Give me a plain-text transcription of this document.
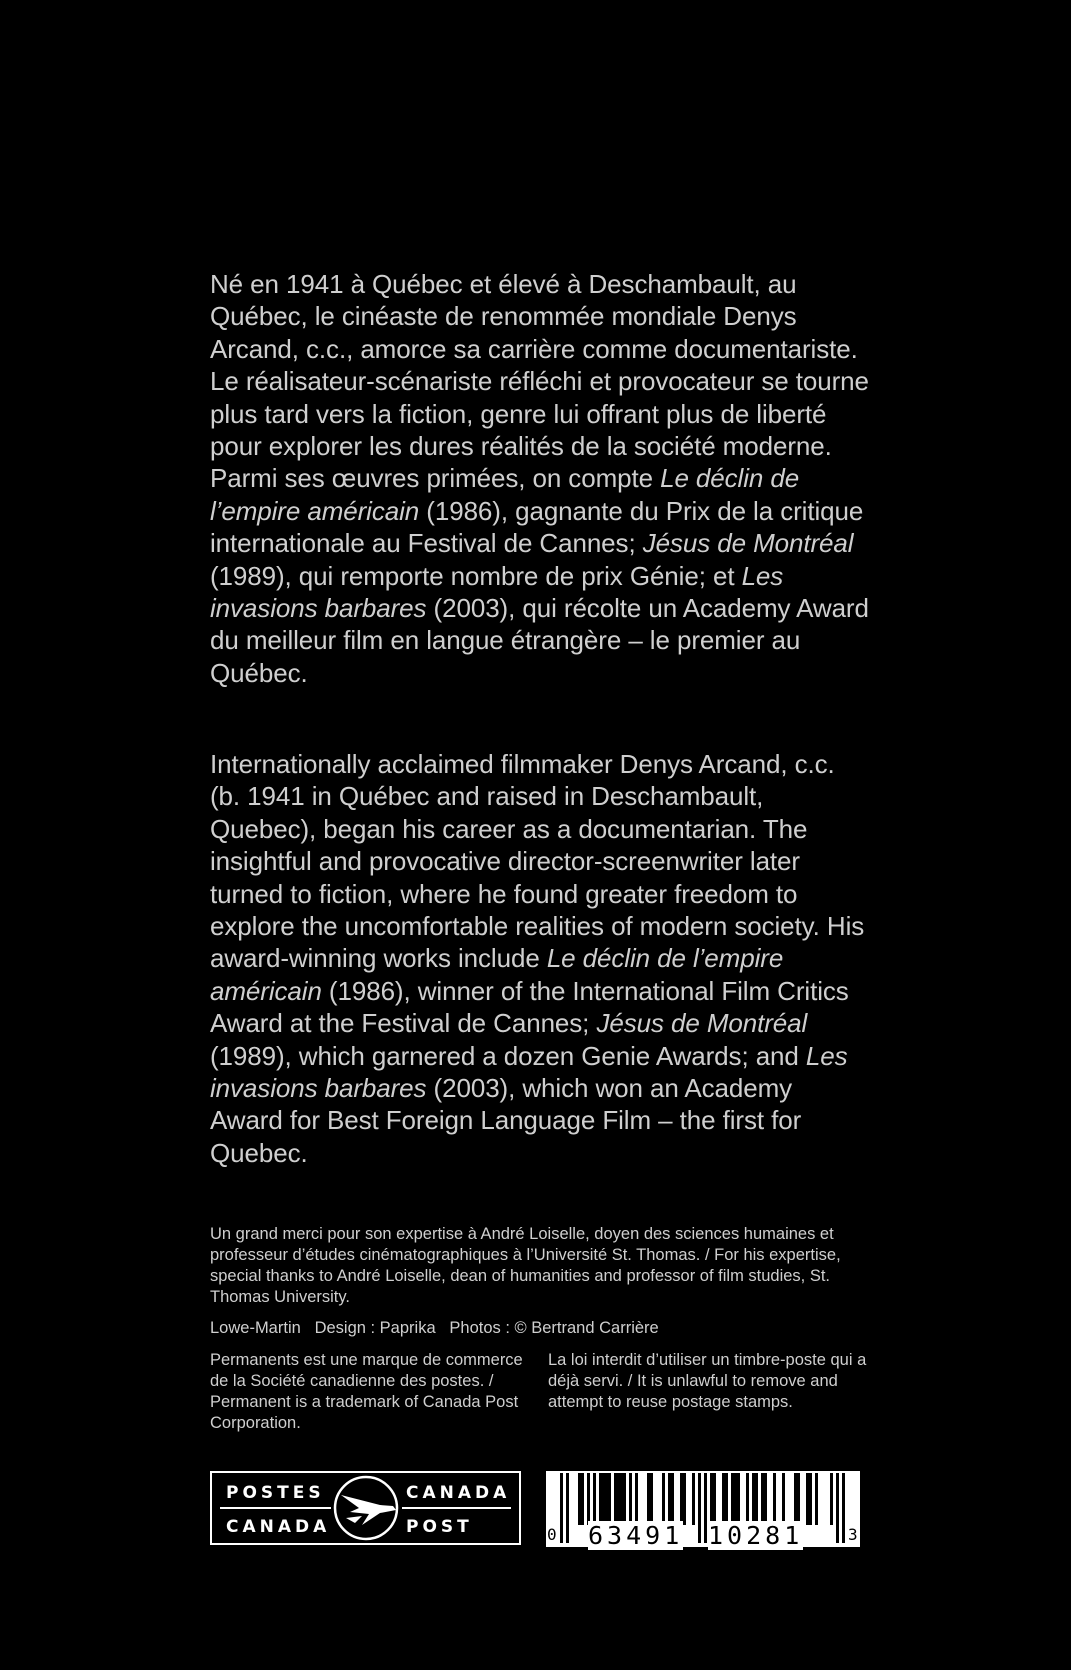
Né en 1941 à Québec et élevé à Deschambault, au Québec, le cinéaste de renommée mondiale Denys Arcand, c.c., amorce sa carrière comme documentariste. Le réalisateur-scénariste réfléchi et provocateur se tourne plus tard vers la fiction, genre lui offrant plus de liberté pour explorer les dures réalités de la société moderne. Parmi ses œuvres primées, on compte Le déclin de l’empire américain (1986), gagnante du Prix de la critique internationale au Festival de Cannes; Jésus de Montréal (1989), qui remporte nombre de prix Génie; et Les invasions barbares (2003), qui récolte un Academy Award du meilleur film en langue étrangère – le premier au Québec.

Internationally acclaimed filmmaker Denys Arcand, c.c. (b. 1941 in Québec and raised in Deschambault, Quebec), began his career as a documentarian. The insightful and provocative director-screenwriter later turned to fiction, where he found greater freedom to explore the uncomfortable realities of modern society. His award-winning works include Le déclin de l’empire américain (1986), winner of the International Film Critics Award at the Festival de Cannes; Jésus de Montréal (1989), which garnered a dozen Genie Awards; and Les invasions barbares (2003), which won an Academy Award for Best Foreign Language Film – the first for Quebec.

Un grand merci pour son expertise à André Loiselle, doyen des sciences humaines et professeur d’études cinématographiques à l’Université St. Thomas. / For his expertise, special thanks to André Loiselle, dean of humanities and professor of film studies, St. Thomas University.
Lowe-Martin Design : Paprika Photos : © Bertrand Carrière
Permanents est une marque de commerce de la Société canadienne des postes. / Permanent is a trademark of Canada Post Corporation.
La loi interdit d’utiliser un timbre-poste qui a déjà servi. / It is unlawful to remove and attempt to reuse postage stamps.
POSTES
CANADA
CANADA
POST	0 63491 10281	3
